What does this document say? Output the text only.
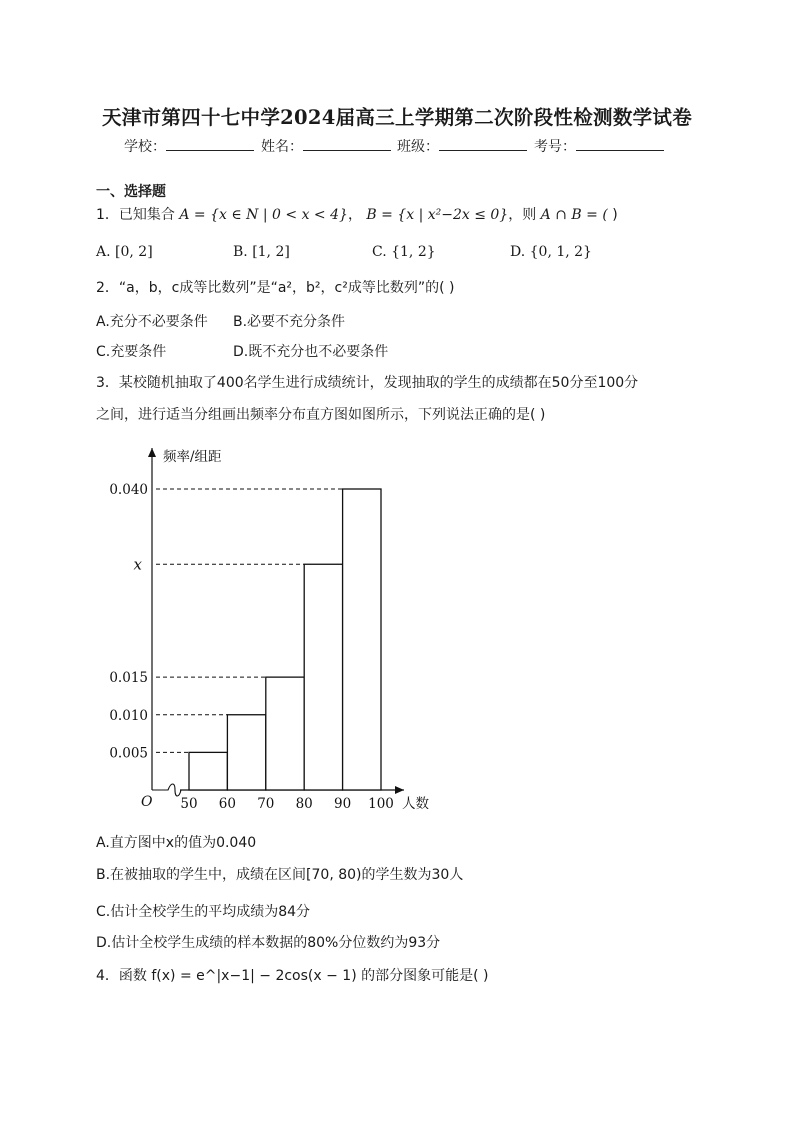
天津市第四十七中学2024届高三上学期第二次阶段性检测数学试卷
学校：	姓名：	班级：	考号：
一、选择题
1．已知集合 A = {x ∈ N | 0 < x < 4}， B = {x | x²−2x ≤ 0}，则 A ∩ B = ( )
A. [0, 2]	B. [1, 2]	C. {1, 2}	D. {0, 1, 2}
2．“a，b，c成等比数列”是“a²，b²，c²成等比数列”的( )
A.充分不必要条件 B.必要不充分条件
C.充要条件	D.既不充分也不必要条件
3．某校随机抽取了400名学生进行成绩统计，发现抽取的学生的成绩都在50分至100分
之间，进行适当分组画出频率分布直方图如图所示，下列说法正确的是( )
频率/组距
人数
O
0.005
0.010
0.015
x
0.040
50 60 70 80 90 100
A.直方图中x的值为0.040
B.在被抽取的学生中，成绩在区间[70, 80)的学生数为30人
C.估计全校学生的平均成绩为84分
D.估计全校学生成绩的样本数据的80%分位数约为93分
4．函数 f(x) = e^|x−1| − 2cos(x − 1) 的部分图象可能是( )
